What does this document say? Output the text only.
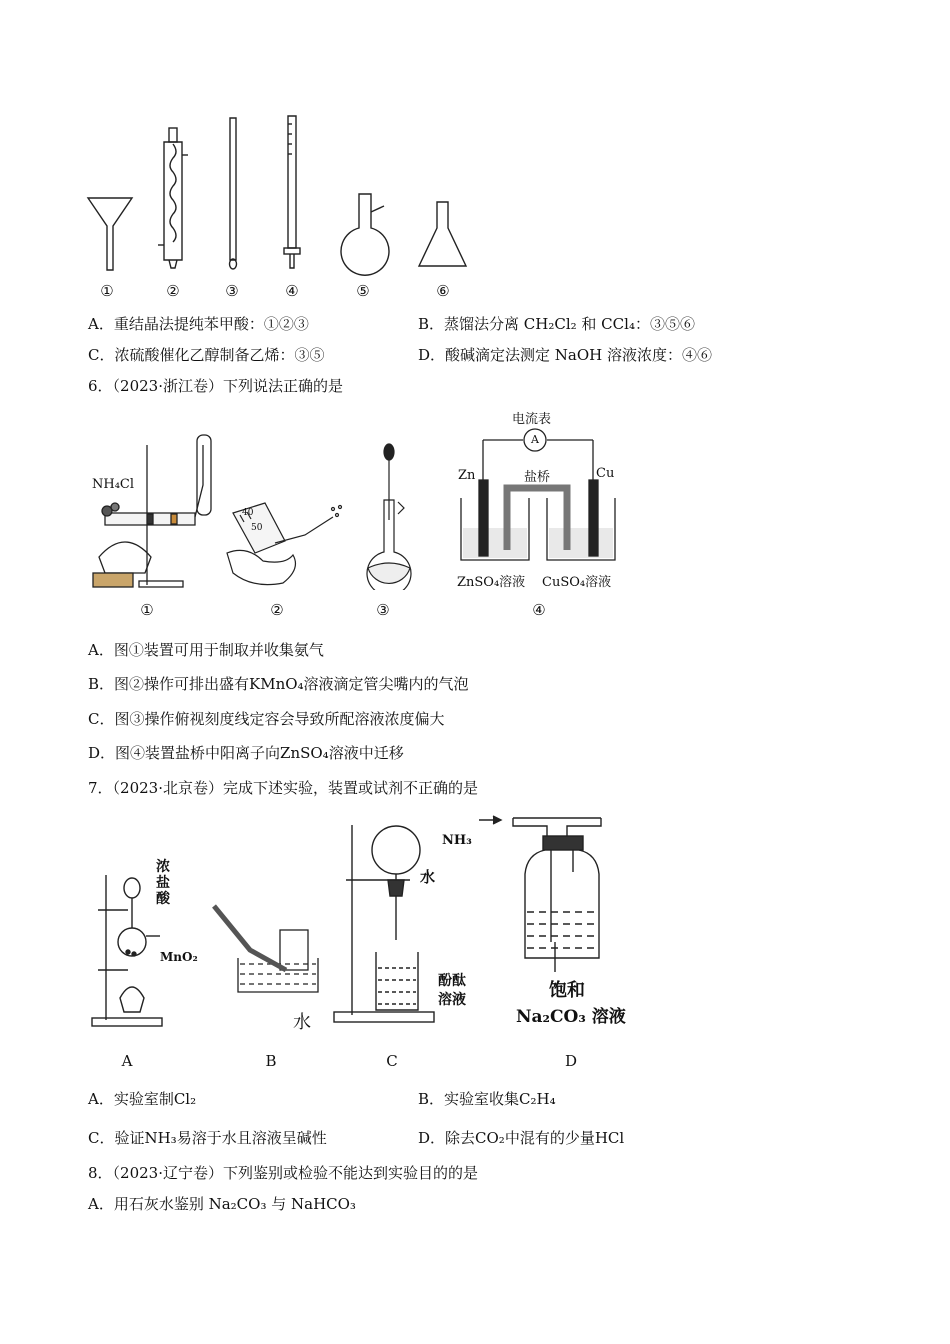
①	②	③	④	⑤	⑥
A．重结晶法提纯苯甲酸：①②③	B．蒸馏法分离 CH₂Cl₂ 和 CCl₄：③⑤⑥
C．浓硫酸催化乙醇制备乙烯：③⑤	D．酸碱滴定法测定 NaOH 溶液浓度：④⑥
6．（2023·浙江卷）下列说法正确的是
NH₄Cl
40
50
电流表
A
Zn	Cu
盐桥
ZnSO₄溶液 CuSO₄溶液
①	②	③	④
A．图①装置可用于制取并收集氨气
B．图②操作可排出盛有KMnO₄溶液滴定管尖嘴内的气泡
C．图③操作俯视刻度线定容会导致所配溶液浓度偏大
D．图④装置盐桥中阳离子向ZnSO₄溶液中迁移
7．（2023·北京卷）完成下述实验，装置或试剂不正确的是
浓
盐
酸
MnO₂
水
NH₃
水
酚酞
溶液	饱和
Na₂CO₃ 溶液
A	B	C	D
A．实验室制Cl₂	B．实验室收集C₂H₄
C．验证NH₃易溶于水且溶液呈碱性	D．除去CO₂中混有的少量HCl
8．（2023·辽宁卷）下列鉴别或检验不能达到实验目的的是
A．用石灰水鉴别 Na₂CO₃ 与 NaHCO₃
